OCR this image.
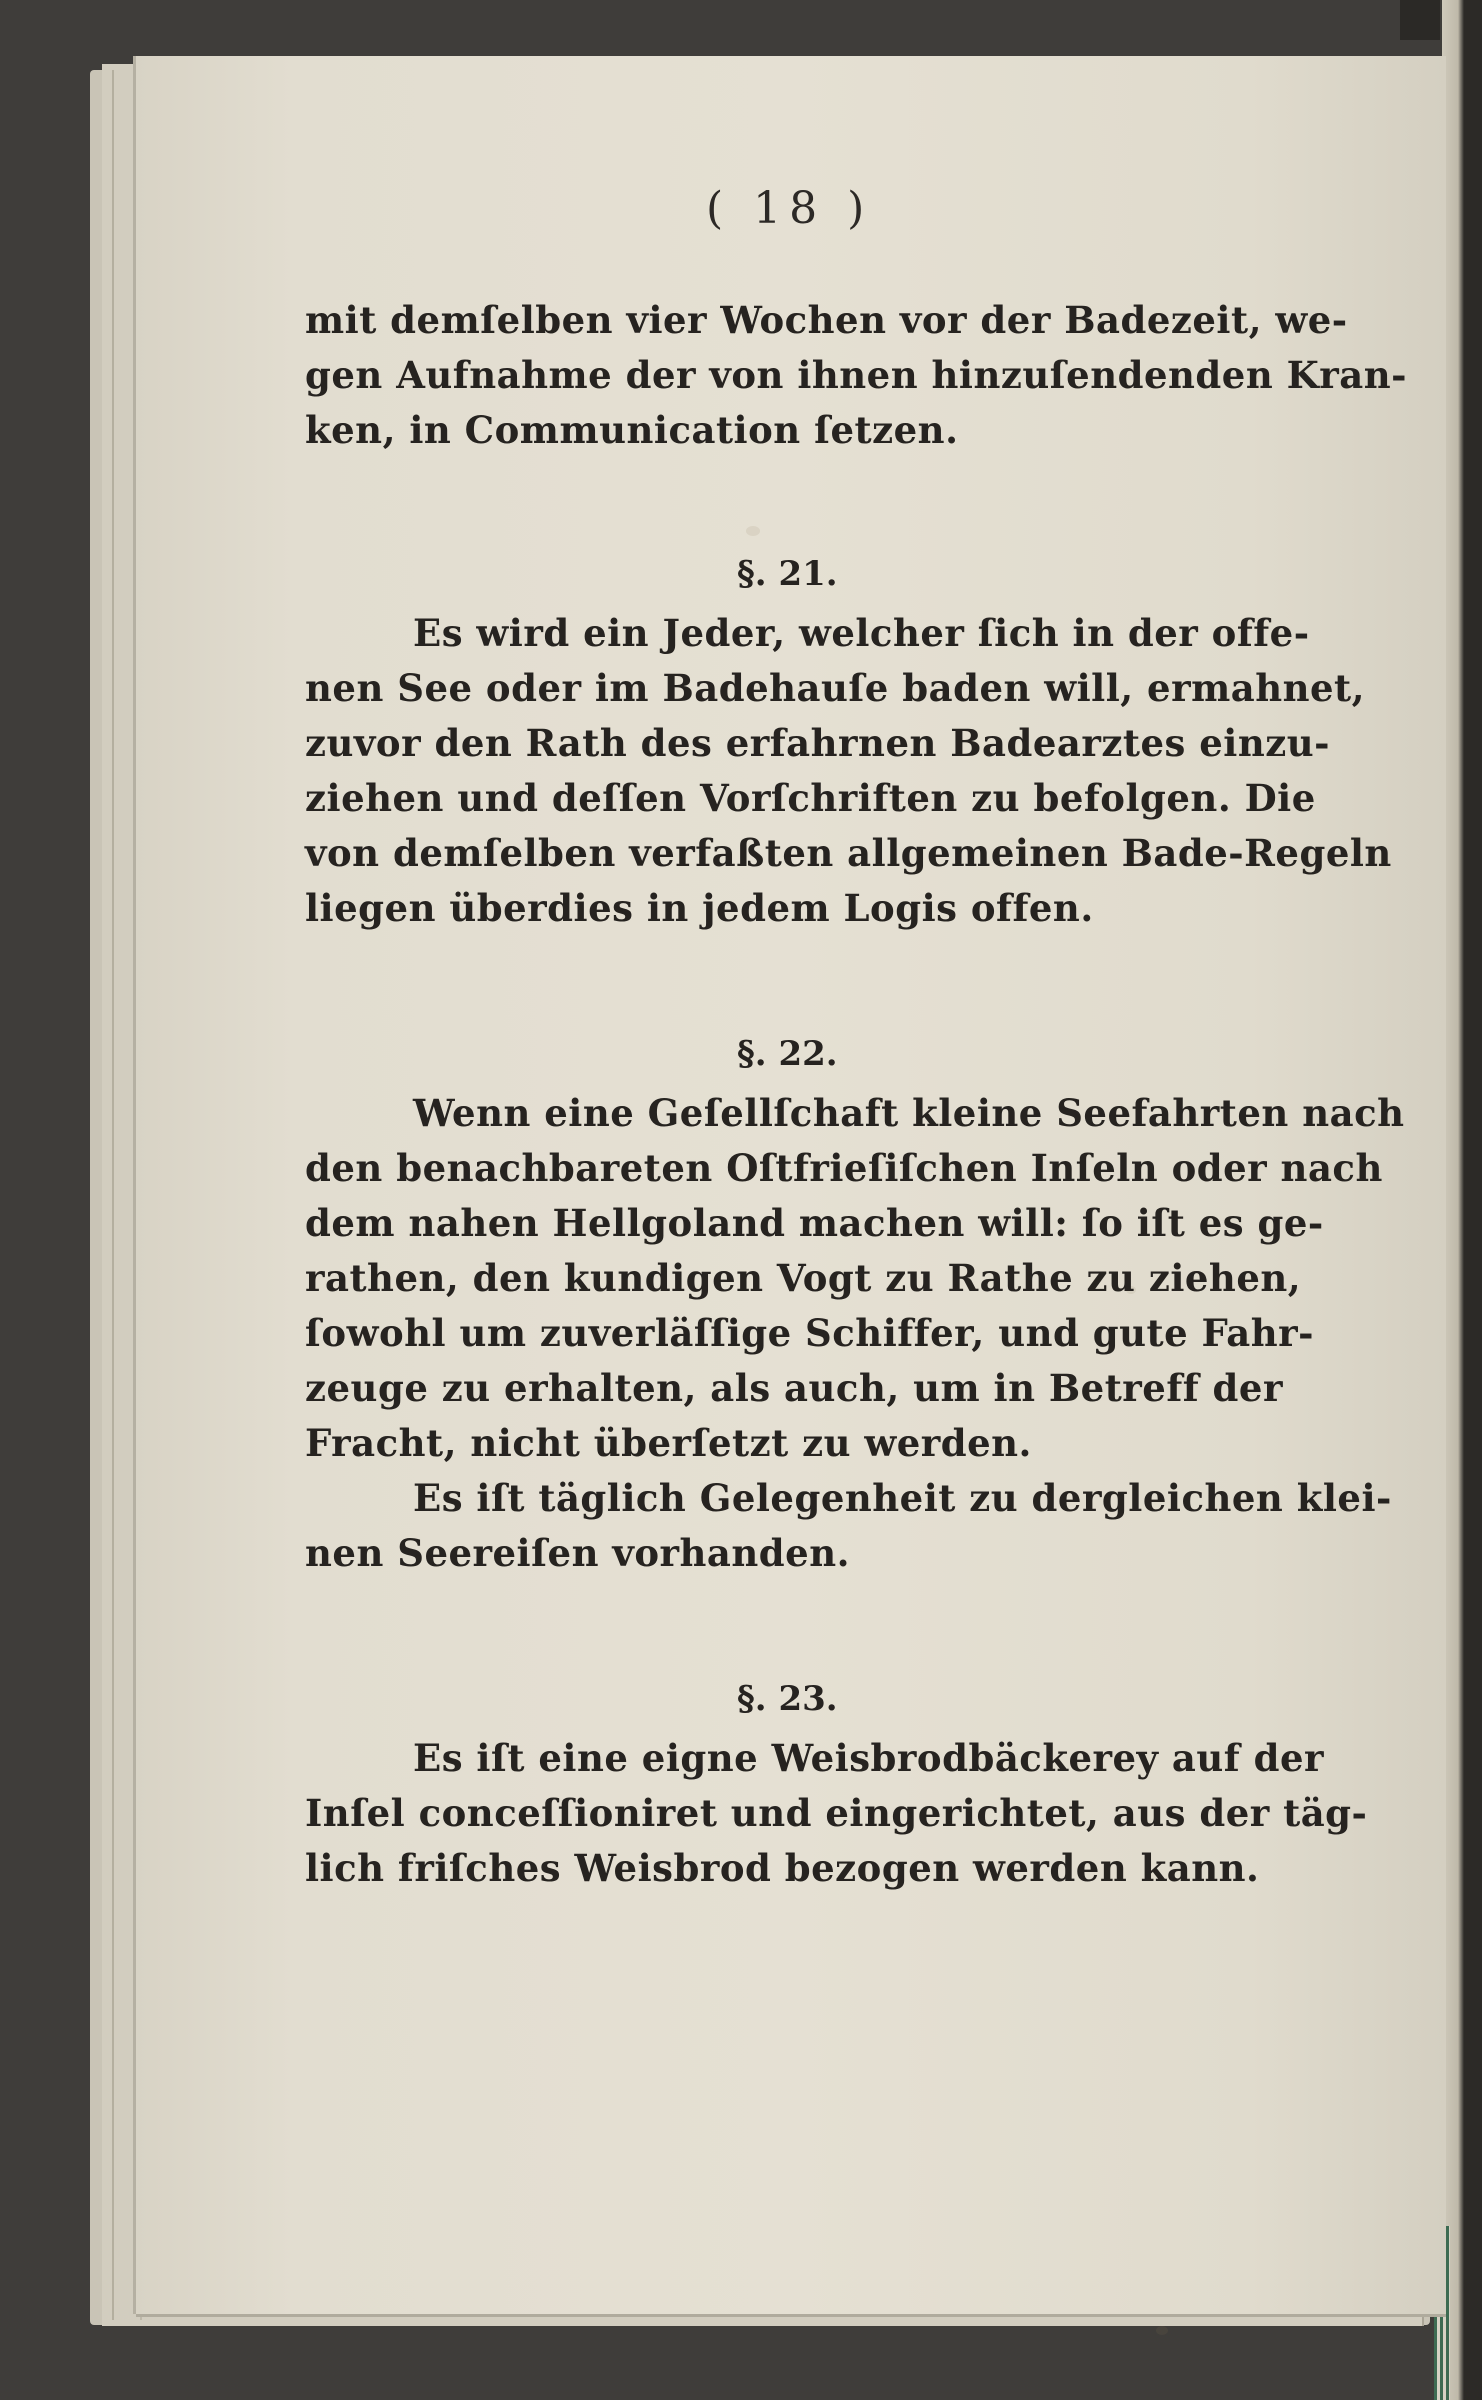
( 18 )
mit demſelben vier Wochen vor der Badezeit, we-
gen Aufnahme der von ihnen hinzuſendenden Kran-
ken, in Communication ſetzen.
§. 21.
Es wird ein Jeder, welcher ſich in der offe-
nen See oder im Badehauſe baden will, ermahnet,
zuvor den Rath des erfahrnen Badearztes einzu-
ziehen und deſſen Vorſchriften zu befolgen. Die
von demſelben verfaßten allgemeinen Bade-Regeln
liegen überdies in jedem Logis offen.
§. 22.
Wenn eine Geſellſchaft kleine Seefahrten nach
den benachbareten Oſtfrieſiſchen Inſeln oder nach
dem nahen Hellgoland machen will: ſo iſt es ge-
rathen, den kundigen Vogt zu Rathe zu ziehen,
ſowohl um zuverläſſige Schiffer, und gute Fahr-
zeuge zu erhalten, als auch, um in Betreff der
Fracht, nicht überſetzt zu werden.
Es iſt täglich Gelegenheit zu dergleichen klei-
nen Seereiſen vorhanden.
§. 23.
Es iſt eine eigne Weisbrodbäckerey auf der
Inſel conceſſioniret und eingerichtet, aus der täg-
lich friſches Weisbrod bezogen werden kann.
